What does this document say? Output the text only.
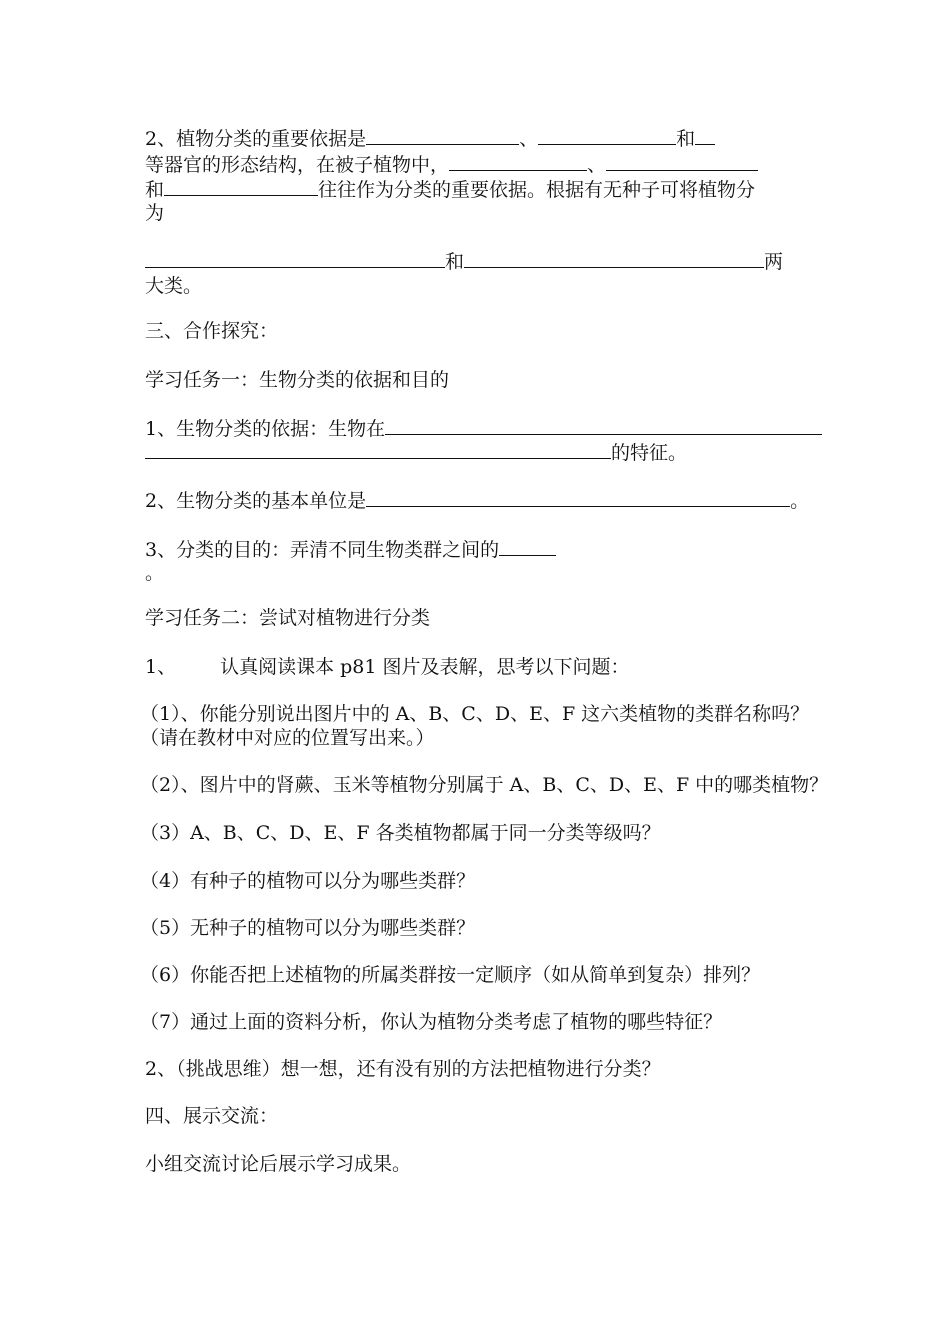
2、植物分类的重要依据是	、	和
等器官的形态结构，在被子植物中，	、
和	往往作为分类的重要依据。根据有无种子可将植物分
为
和	两
大类。
三、合作探究：
学习任务一：生物分类的依据和目的
1、生物分类的依据：生物在
的特征。
2、生物分类的基本单位是	。
3、分类的目的：弄清不同生物类群之间的
。
学习任务二：尝试对植物进行分类
1、 认真阅读课本 p81 图片及表解，思考以下问题：
（1）、你能分别说出图片中的 A、B、C、D、E、F 这六类植物的类群名称吗？
（请在教材中对应的位置写出来。）
（2）、图片中的肾蕨、玉米等植物分别属于 A、B、C、D、E、F 中的哪类植物？
（3）A、B、C、D、E、F 各类植物都属于同一分类等级吗？
（4）有种子的植物可以分为哪些类群？
（5）无种子的植物可以分为哪些类群？
（6）你能否把上述植物的所属类群按一定顺序（如从简单到复杂）排列？
（7）通过上面的资料分析，你认为植物分类考虑了植物的哪些特征？
2、（挑战思维）想一想，还有没有别的方法把植物进行分类？
四、展示交流：
小组交流讨论后展示学习成果。
